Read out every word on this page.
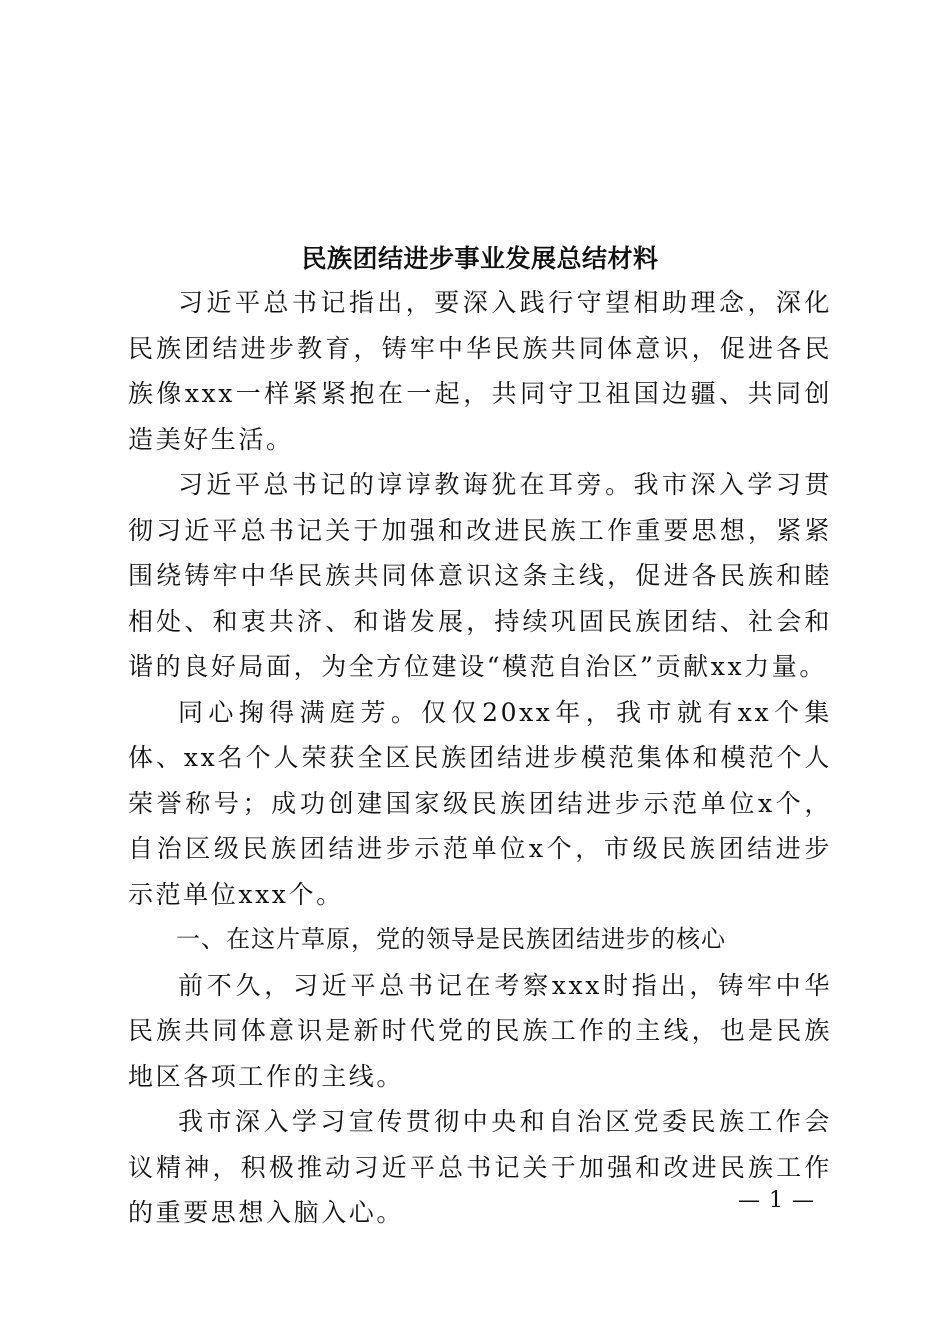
民族团结进步事业发展总结材料

习近平总书记指出，要深入践行守望相助理念，深化民族团结进步教育，铸牢中华民族共同体意识，促进各民族像xxx一样紧紧抱在一起，共同守卫祖国边疆、共同创造美好生活。

习近平总书记的谆谆教诲犹在耳旁。我市深入学习贯彻习近平总书记关于加强和改进民族工作重要思想，紧紧围绕铸牢中华民族共同体意识这条主线，促进各民族和睦相处、和衷共济、和谐发展，持续巩固民族团结、社会和谐的良好局面，为全方位建设“模范自治区”贡献xx力量。

同心掬得满庭芳。仅仅20xx年，我市就有xx个集体、xx名个人荣获全区民族团结进步模范集体和模范个人荣誉称号；成功创建国家级民族团结进步示范单位x个，自治区级民族团结进步示范单位x个，市级民族团结进步示范单位xxx个。

一、在这片草原，党的领导是民族团结进步的核心

前不久，习近平总书记在考察xxx时指出，铸牢中华民族共同体意识是新时代党的民族工作的主线，也是民族地区各项工作的主线。

我市深入学习宣传贯彻中央和自治区党委民族工作会议精神，积极推动习近平总书记关于加强和改进民族工作的重要思想入脑入心。	— 1 —
